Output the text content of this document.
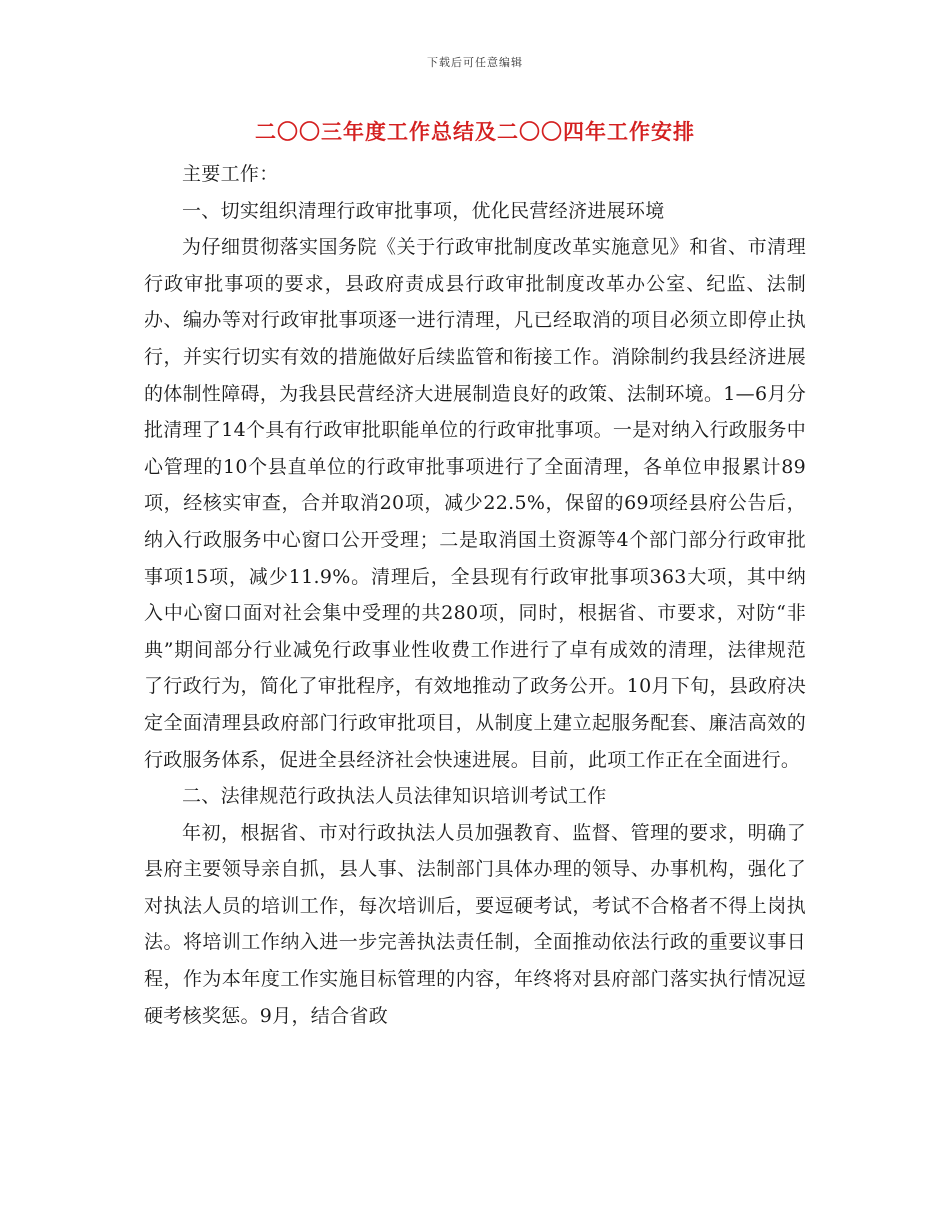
下载后可任意编辑
二〇〇三年度工作总结及二〇〇四年工作安排

主要工作：

一、切实组织清理行政审批事项，优化民营经济进展环境

为仔细贯彻落实国务院《关于行政审批制度改革实施意见》和省、市清理行政审批事项的要求，县政府责成县行政审批制度改革办公室、纪监、法制办、编办等对行政审批事项逐一进行清理，凡已经取消的项目必须立即停止执行，并实行切实有效的措施做好后续监管和衔接工作。消除制约我县经济进展的体制性障碍，为我县民营经济大进展制造良好的政策、法制环境。1—6月分批清理了14个具有行政审批职能单位的行政审批事项。一是对纳入行政服务中心管理的10个县直单位的行政审批事项进行了全面清理，各单位申报累计89项，经核实审查，合并取消20项，减少22.5%，保留的69项经县府公告后，纳入行政服务中心窗口公开受理；二是取消国土资源等4个部门部分行政审批事项15项，减少11.9%。清理后，全县现有行政审批事项363大项，其中纳入中心窗口面对社会集中受理的共280项，同时，根据省、市要求，对防“非典”期间部分行业减免行政事业性收费工作进行了卓有成效的清理，法律规范了行政行为，简化了审批程序，有效地推动了政务公开。10月下旬，县政府决定全面清理县政府部门行政审批项目，从制度上建立起服务配套、廉洁高效的行政服务体系，促进全县经济社会快速进展。目前，此项工作正在全面进行。

二、法律规范行政执法人员法律知识培训考试工作

年初，根据省、市对行政执法人员加强教育、监督、管理的要求，明确了县府主要领导亲自抓，县人事、法制部门具体办理的领导、办事机构，强化了对执法人员的培训工作，每次培训后，要逗硬考试，考试不合格者不得上岗执法。将培训工作纳入进一步完善执法责任制，全面推动依法行政的重要议事日程，作为本年度工作实施目标管理的内容，年终将对县府部门落实执行情况逗硬考核奖惩。9月，结合省政
